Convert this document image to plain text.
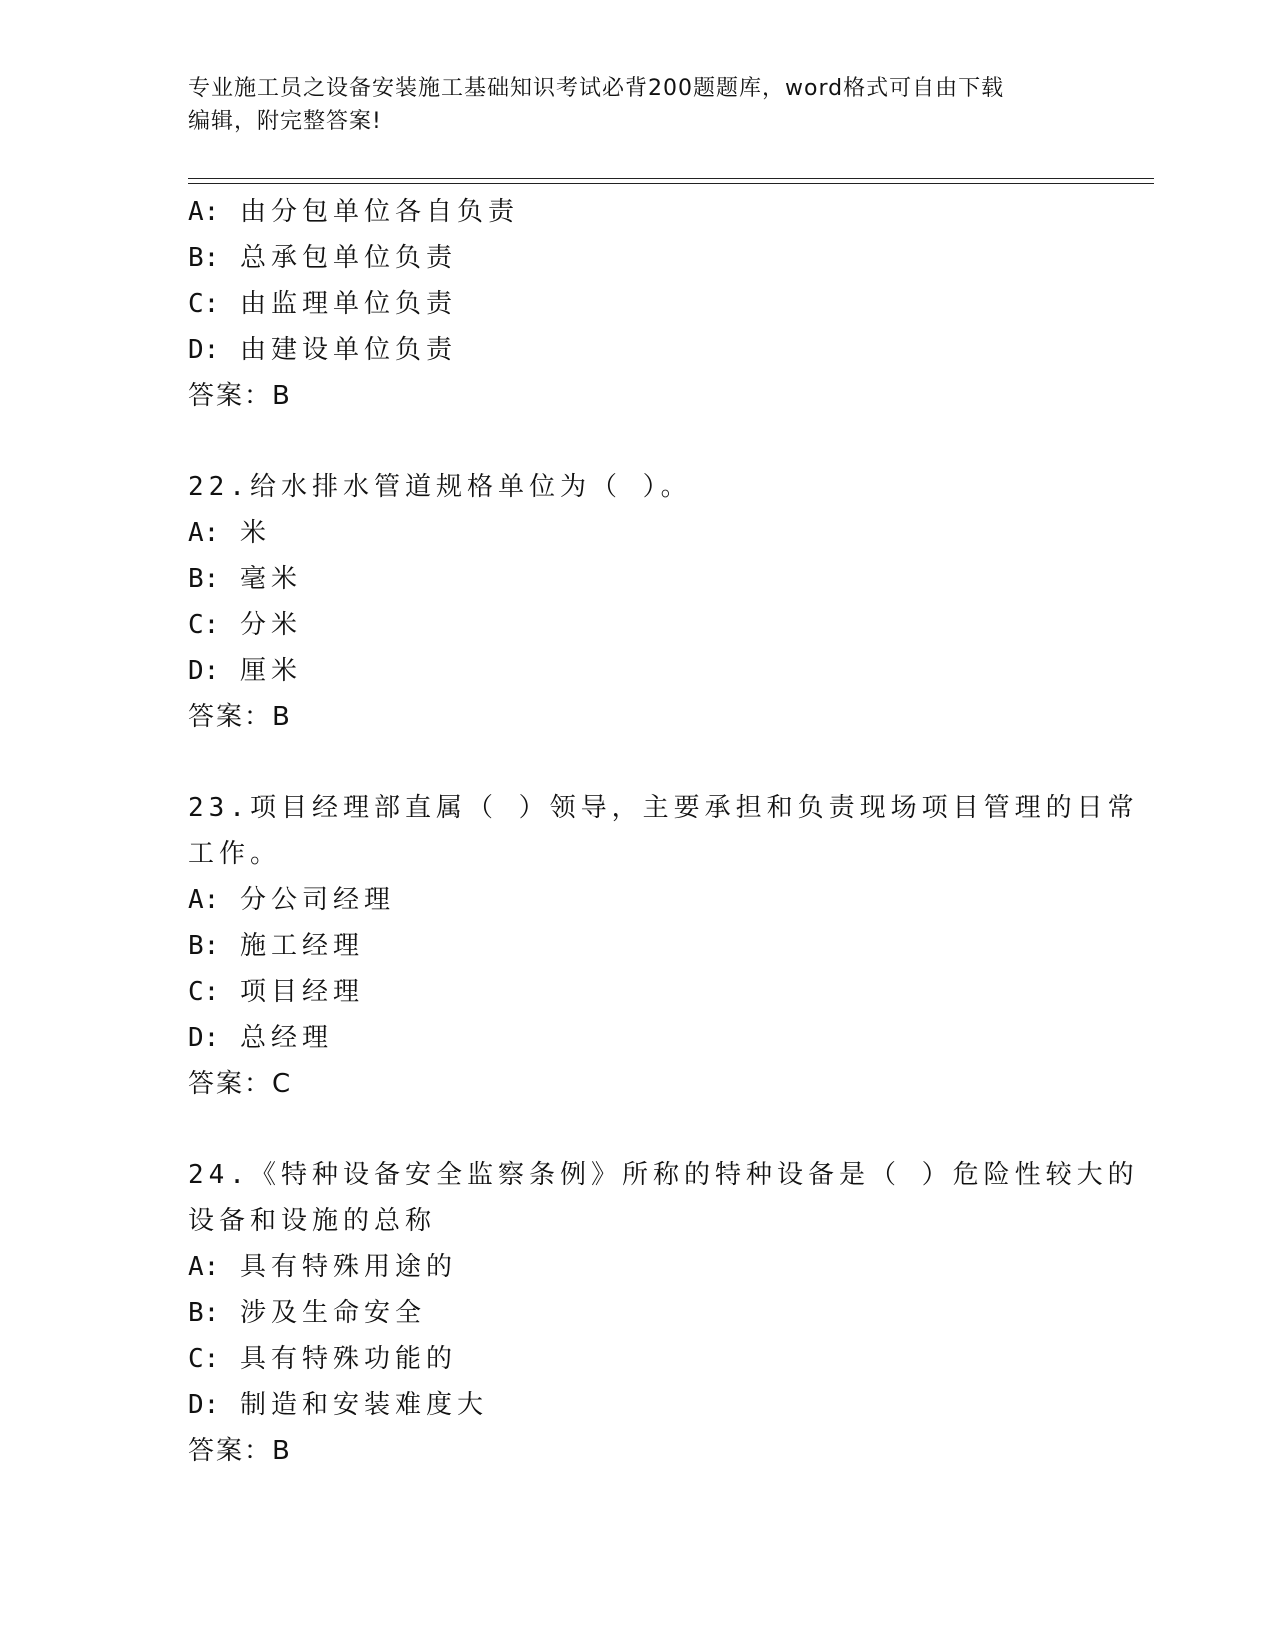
专业施工员之设备安装施工基础知识考试必背200题题库，word格式可自由下载
编辑，附完整答案!
A: 由分包单位各自负责
B: 总承包单位负责
C: 由监理单位负责
D: 由建设单位负责
答案：B
22.给水排水管道规格单位为（ ）。
A: 米
B: 毫米
C: 分米
D: 厘米
答案：B
23.项目经理部直属（ ）领导，主要承担和负责现场项目管理的日常
工作。
A: 分公司经理
B: 施工经理
C: 项目经理
D: 总经理
答案：C
24.《特种设备安全监察条例》所称的特种设备是（ ）危险性较大的
设备和设施的总称
A: 具有特殊用途的
B: 涉及生命安全
C: 具有特殊功能的
D: 制造和安装难度大
答案：B
